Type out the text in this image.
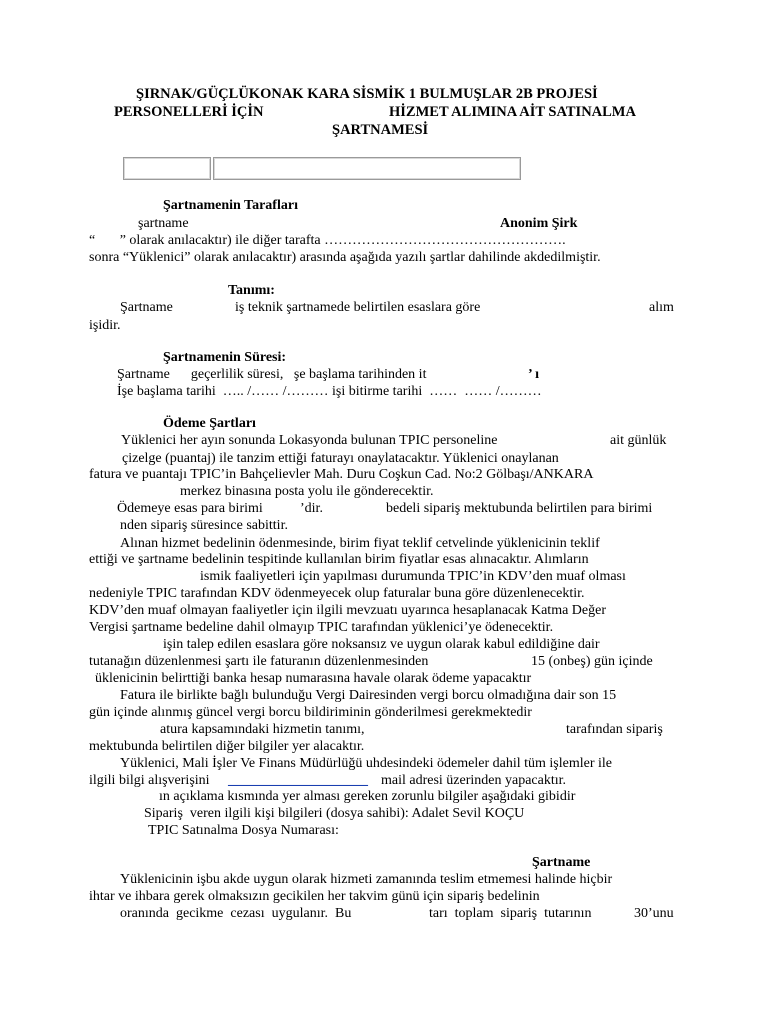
ŞIRNAK/GÜÇLÜKONAK KARA SİSMİK 1 BULMUŞLAR 2B PROJESİ
PERSONELLERİ İÇİN	HİZMET ALIMINA AİT SATINALMA
ŞARTNAMESİ
Şartnamenin Tarafları
şartname	Anonim Şirk
“       ” olarak anılacaktır) ile diğer tarafta …………………………………………….
sonra “Yüklenici” olarak anılacaktır) arasında aşağıda yazılı şartlar dahilinde akdedilmiştir.
Tanımı:
Şartname	iş teknik şartnamede belirtilen esaslara göre	alım
işidir.
Şartnamenin Süresi:
Şartname      geçerlilik süresi,   şe başlama tarihinden it	’ ı
İşe başlama tarihi  ….. /…… /……… işi bitirme tarihi  ……  …… /………
Ödeme Şartları
Yüklenici her ayın sonunda Lokasyonda bulunan TPIC personeline	ait günlük
çizelge (puantaj) ile tanzim ettiği faturayı onaylatacaktır. Yüklenici onaylanan
fatura ve puantajı TPIC’in Bahçelievler Mah. Duru Coşkun Cad. No:2 Gölbaşı/ANKARA
merkez binasına posta yolu ile gönderecektir.
Ödemeye esas para birimi	’dir.	bedeli sipariş mektubunda belirtilen para birimi
nden sipariş süresince sabittir.
Alınan hizmet bedelinin ödenmesinde, birim fiyat teklif cetvelinde yüklenicinin teklif
ettiği ve şartname bedelinin tespitinde kullanılan birim fiyatlar esas alınacaktır. Alımların
ismik faaliyetleri için yapılması durumunda TPIC’in KDV’den muaf olması
nedeniyle TPIC tarafından KDV ödenmeyecek olup faturalar buna göre düzenlenecektir.
KDV’den muaf olmayan faaliyetler için ilgili mevzuatı uyarınca hesaplanacak Katma Değer
Vergisi şartname bedeline dahil olmayıp TPIC tarafından yüklenici’ye ödenecektir.
işin talep edilen esaslara göre noksansız ve uygun olarak kabul edildiğine dair
tutanağın düzenlenmesi şartı ile faturanın düzenlenmesinden	15 (onbeş) gün içinde
üklenicinin belirttiği banka hesap numarasına havale olarak ödeme yapacaktır
Fatura ile birlikte bağlı bulunduğu Vergi Dairesinden vergi borcu olmadığına dair son 15
gün içinde alınmış güncel vergi borcu bildiriminin gönderilmesi gerekmektedir
atura kapsamındaki hizmetin tanımı,	tarafından sipariş
mektubunda belirtilen diğer bilgiler yer alacaktır.
Yüklenici, Mali İşler Ve Finans Müdürlüğü uhdesindeki ödemeler dahil tüm işlemler ile
ilgili bilgi alışverişini ____________________ mail adresi üzerinden yapacaktır.
ın açıklama kısmında yer alması gereken zorunlu bilgiler aşağıdaki gibidir
Sipariş  veren ilgili kişi bilgileri (dosya sahibi): Adalet Sevil KOÇU
TPIC Satınalma Dosya Numarası:
Şartname
Yüklenicinin işbu akde uygun olarak hizmeti zamanında teslim etmemesi halinde hiçbir
ihtar ve ihbara gerek olmaksızın gecikilen her takvim günü için sipariş bedelinin
oranında  gecikme  cezası  uygulanır.  Bu	tarı  toplam  sipariş  tutarının	30’unu
